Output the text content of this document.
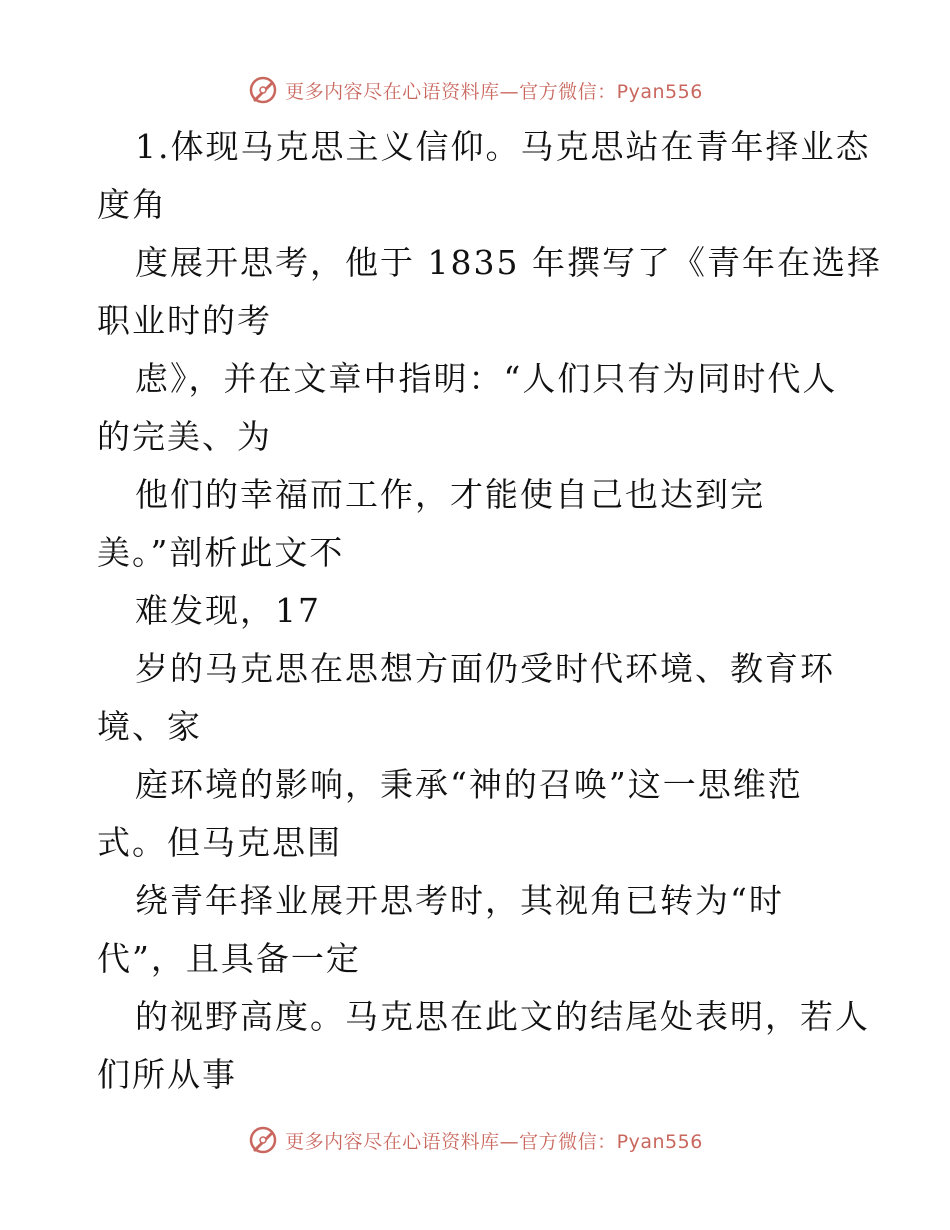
更多内容尽在心语资料库—官方微信：Pyan556
1.体现马克思主义信仰。马克思站在青年择业态
度角
度展开思考，他于 1835 年撰写了《青年在选择
职业时的考
虑》，并在文章中指明：“人们只有为同时代人
的完美、为
他们的幸福而工作，才能使自己也达到完
美。”剖析此文不
难发现，17
岁的马克思在思想方面仍受时代环境、教育环
境、家
庭环境的影响，秉承“神的召唤”这一思维范
式。但马克思围
绕青年择业展开思考时，其视角已转为“时
代”，且具备一定
的视野高度。马克思在此文的结尾处表明，若人
们所从事
更多内容尽在心语资料库—官方微信：Pyan556
